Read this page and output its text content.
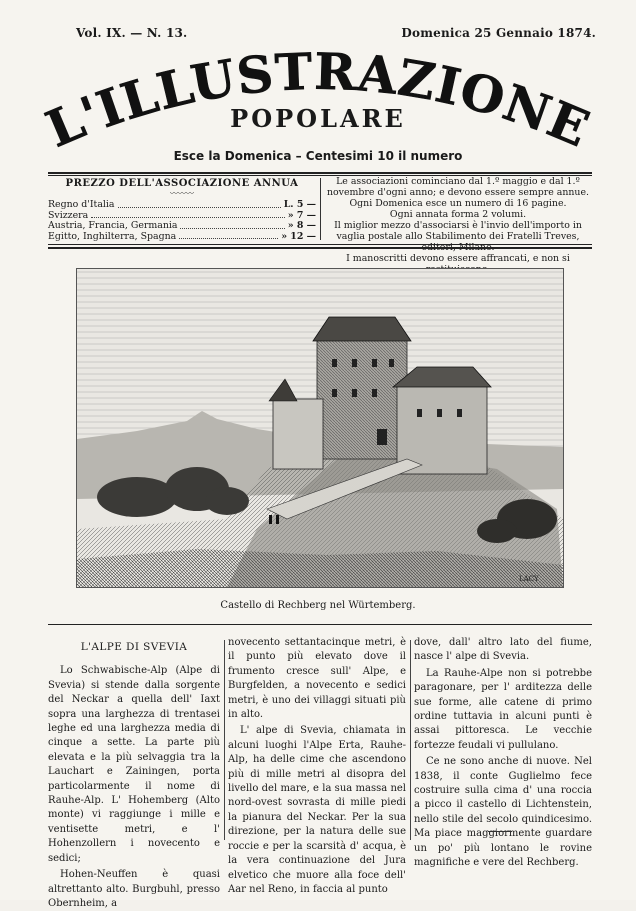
Vol. IX. — N. 13.	Domenica 25 Gennaio 1874.
L'ILLUSTRAZIONE
POPOLARE
Esce la Domenica – Centesimi 10 il numero
PREZZO DELL'ASSOCIAZIONE ANNUA
〰〰〰
Regno d'Italia	L. 5 —
Svizzera	» 7 —
Austria, Francia, Germania	» 8 —
Egitto, Inghilterra, Spagna	» 12 —
Le associazioni cominciano dal 1.º maggio e dal 1.º novembre d'ogni anno; e devono essere sempre annue.
Ogni Domenica esce un numero di 16 pagine.
Ogni annata forma 2 volumi.
Il miglior mezzo d'associarsi è l'invio dell'importo in vaglia postale allo Stabilimento dei Fratelli Treves, editori, Milano.
I manoscritti devono essere affrancati, e non si
LACY
Castello di Rechberg nel Würtemberg.
L'ALPE DI SVEVIA

Lo Schwabische-Alp (Alpe di Svevia) si stende dalla sorgente del Neckar a quella dell' Iaxt sopra una larghezza di trentasei leghe ed una larghezza media di cinque a sette. La parte più elevata e la più selvaggia tra la Lauchart e Zainingen, porta particolarmente il nome di Rauhe-Alp. L' Hohemberg (Alto monte) vi raggiunge i mille e ventisette metri, e l' Hohenzollern i novecento e sedici;

Hohen-Neuffen è quasi altrettanto alto. Burgbuhl, presso Obernheim, a

novecento settantacinque metri, è il punto più elevato dove il frumento cresce sull' Alpe, e Burgfelden, a novecento e sedici metri, è uno dei villaggi situati più in alto.

L' alpe di Svevia, chiamata in alcuni luoghi l'Alpe Erta, Rauhe-Alp, ha delle cime che ascendono più di mille metri al disopra del livello del mare, e la sua massa nel nord-ovest sovrasta di mille piedi la pianura del Neckar. Per la sua direzione, per la natura delle sue roccie e per la scarsità d' acqua, è la vera continuazione del Jura elvetico che muore alla foce dell' Aar nel Reno, in faccia al punto

dove, dall' altro lato del fiume, nasce l' alpe di Svevia.

La Rauhe-Alpe non si potrebbe paragonare, per l' arditezza delle sue forme, alle catene di primo ordine tuttavia in alcuni punti è assai pittoresca. Le vecchie fortezze feudali vi pullulano.

Ce ne sono anche di nuove. Nel 1838, il conte Guglielmo fece costruire sulla cima d' una roccia a picco il castello di Lichtenstein, nello stile del secolo quindicesimo. Ma piace maggiormente guardare un po' più lontano le rovine magnifiche e vere del Rechberg.
